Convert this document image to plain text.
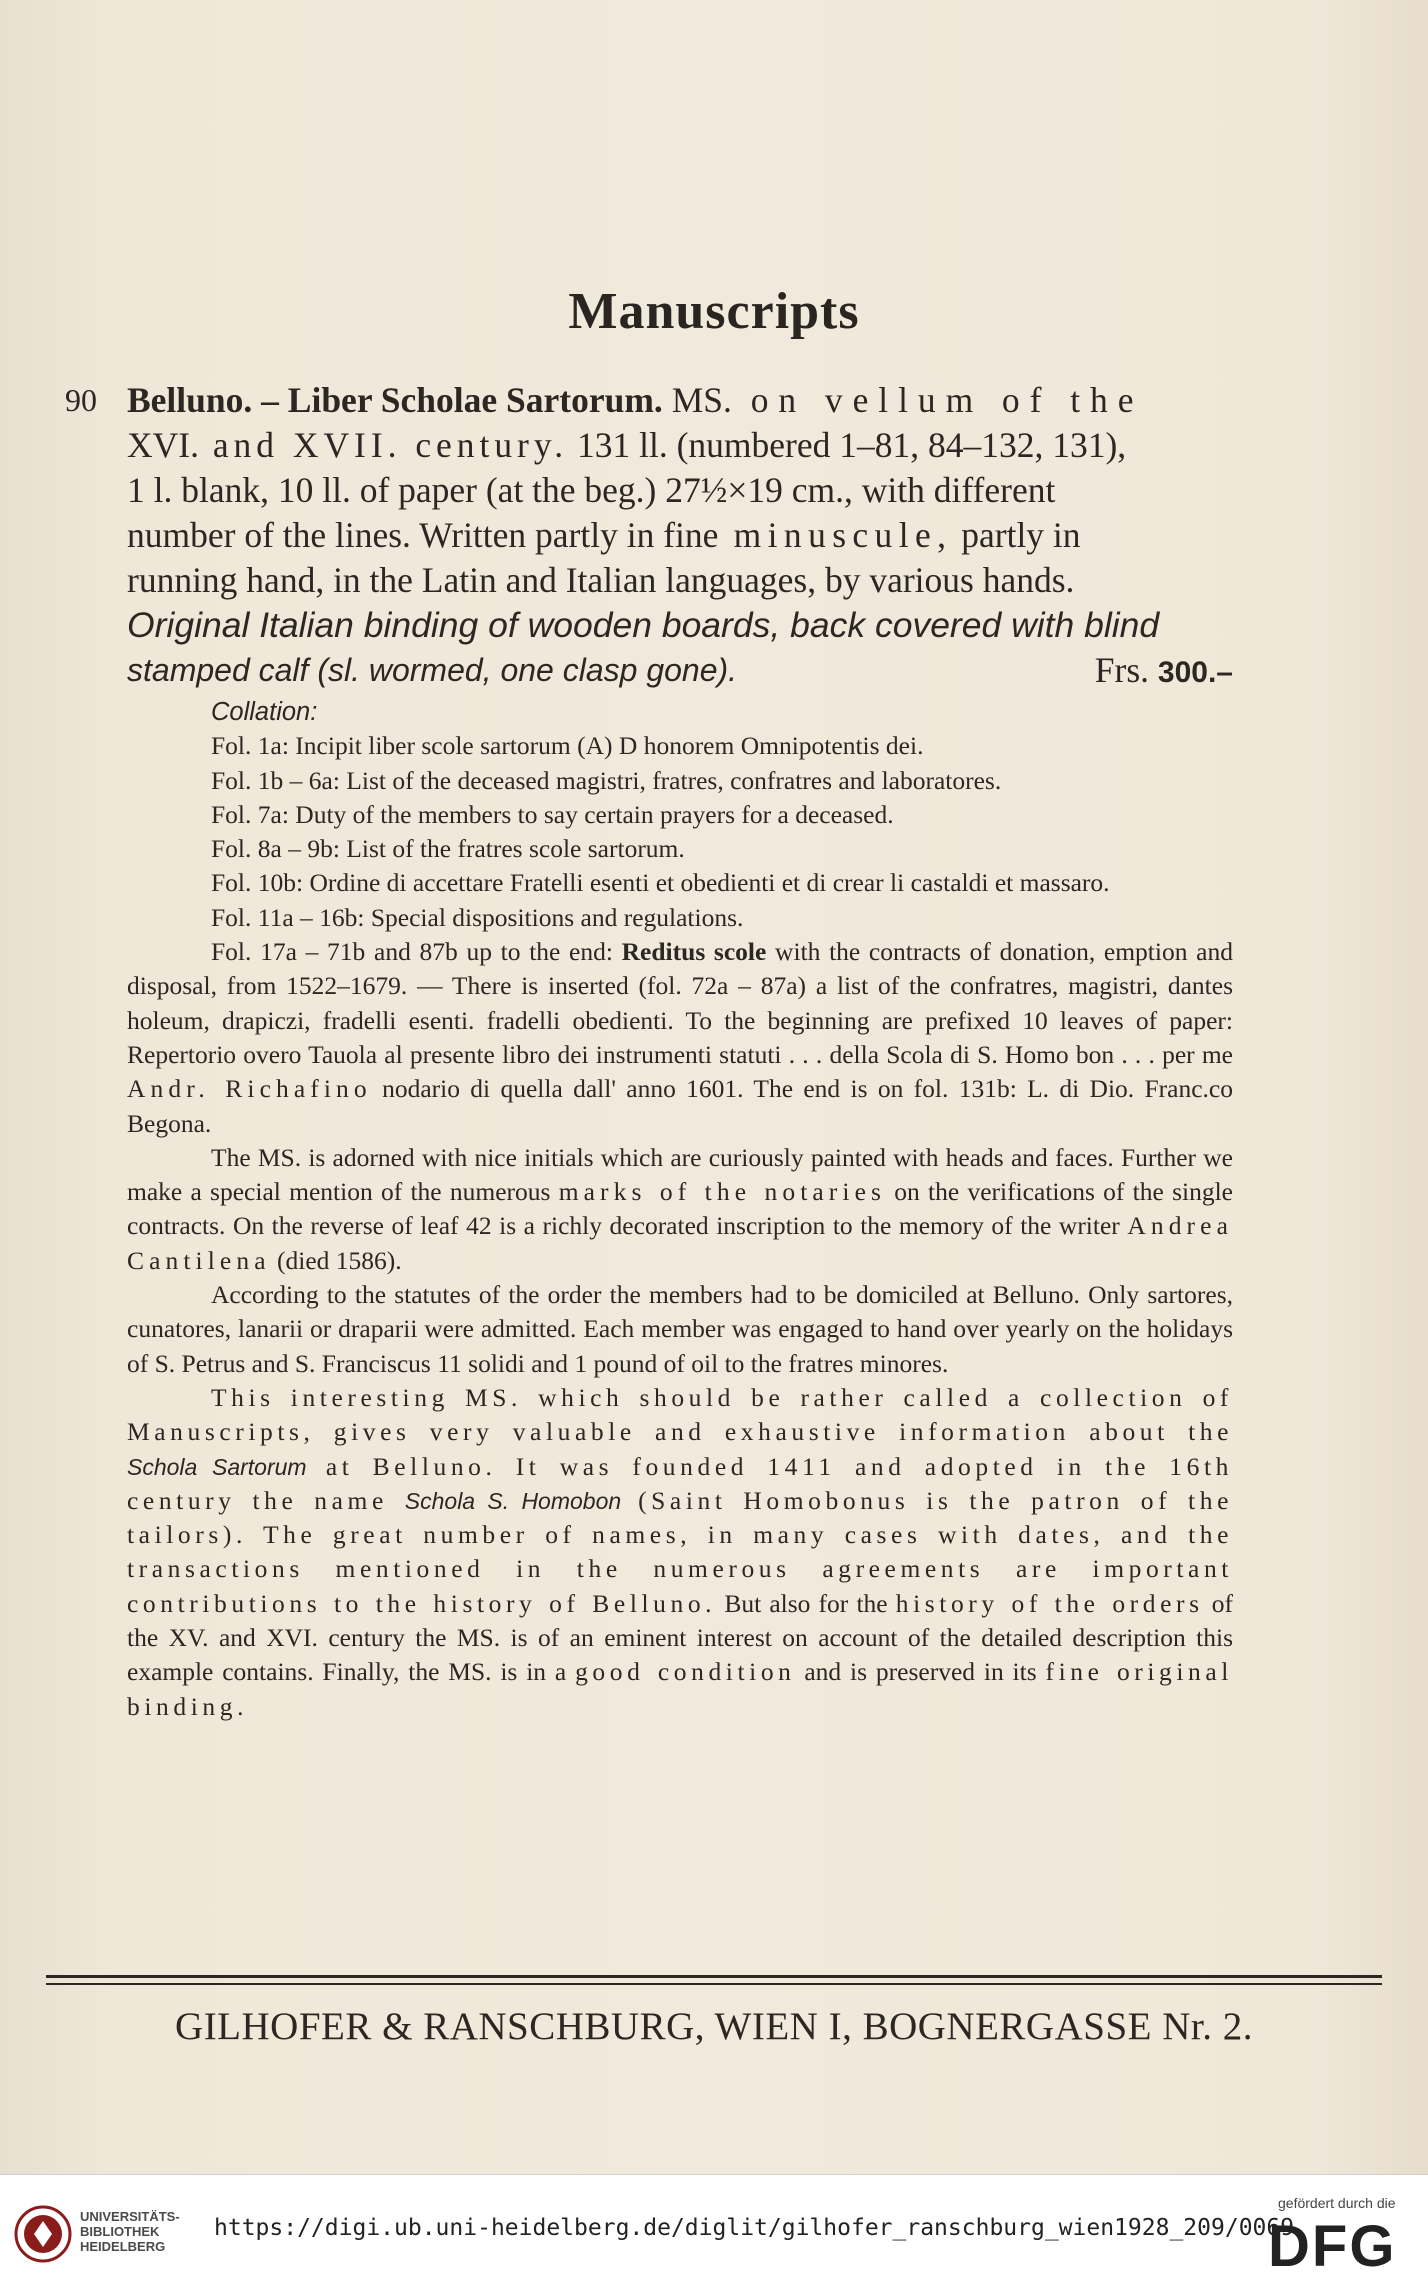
Manuscripts
90 Belluno. – Liber Scholae Sartorum. MS. on vellum of the

XVI. and XVII. century. 131 ll. (numbered 1–81, 84–132, 131),

1 l. blank, 10 ll. of paper (at the beg.) 27½×19 cm., with different

number of the lines. Written partly in fine minuscule, partly in

running hand, in the Latin and Italian languages, by various hands.

Original Italian binding of wooden boards, back covered with blind

stamped calf (sl. wormed, one clasp gone).	Frs. 300.–

Collation:

Fol. 1a: Incipit liber scole sartorum (A) D honorem Omnipotentis dei.

Fol. 1b – 6a: List of the deceased magistri, fratres, confratres and laboratores.

Fol. 7a: Duty of the members to say certain prayers for a deceased.

Fol. 8a – 9b: List of the fratres scole sartorum.

Fol. 10b: Ordine di accettare Fratelli esenti et obedienti et di crear li castaldi et massaro.

Fol. 11a – 16b: Special dispositions and regulations.

Fol. 17a – 71b and 87b up to the end: Reditus scole with the contracts of donation, emption and disposal, from 1522–1679. — There is inserted (fol. 72a – 87a) a list of the confratres, magistri, dantes holeum, drapiczi, fradelli esenti. fradelli obedienti. To the beginning are prefixed 10 leaves of paper: Repertorio overo Tauola al presente libro dei instrumenti statuti . . . della Scola di S. Homo bon . . . per me Andr. Richafino nodario di quella dall' anno 1601. The end is on fol. 131b: L. di Dio. Franc.co Begona.

The MS. is adorned with nice initials which are curiously painted with heads and faces. Further we make a special mention of the numerous marks of the notaries on the verifications of the single contracts. On the reverse of leaf 42 is a richly decorated inscription to the memory of the writer Andrea Cantilena (died 1586).

According to the statutes of the order the members had to be domiciled at Belluno. Only sartores, cunatores, lanarii or draparii were admitted. Each member was engaged to hand over yearly on the holidays of S. Petrus and S. Franciscus 11 solidi and 1 pound of oil to the fratres minores.

This interesting MS. which should be rather called a collection of Manuscripts, gives very valuable and exhaustive information about the Schola Sartorum at Belluno. It was founded 1411 and adopted in the 16th century the name Schola S. Homobon (Saint Homobonus is the patron of the tailors). The great number of names, in many cases with dates, and the transactions mentioned in the numerous agreements are important contributions to the history of Belluno. But also for the history of the orders of the XV. and XVI. century the MS. is of an eminent interest on account of the detailed description this example contains. Finally, the MS. is in a good condition and is preserved in its fine original binding.

GILHOFER & RANSCHBURG, WIEN I, BOGNERGASSE Nr. 2.
UNIVERSITÄTS-
BIBLIOTHEK
HEIDELBERG
https://digi.ub.uni-heidelberg.de/diglit/gilhofer_ranschburg_wien1928_209/0069
gefördert durch die
DFG
